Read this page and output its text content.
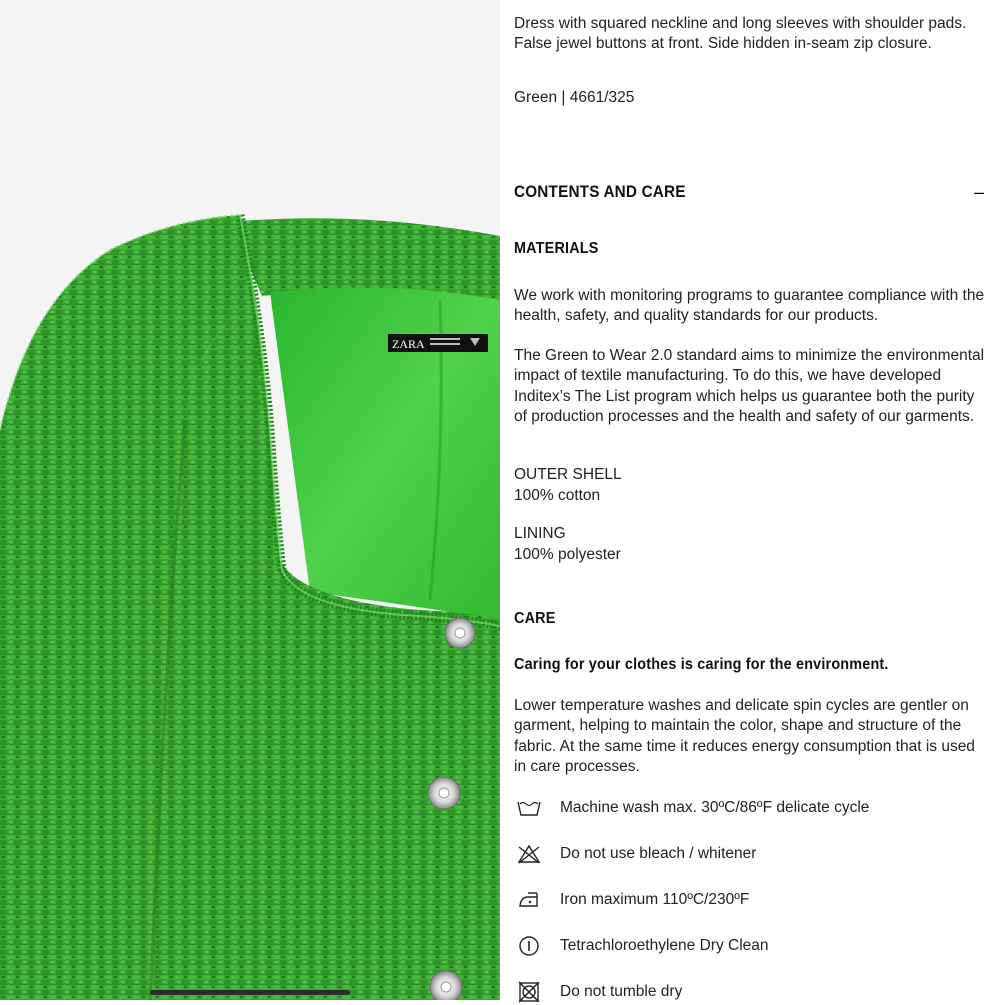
ZARA

Dress with squared neckline and long sleeves with shoulder pads. False jewel buttons at front. Side hidden in-seam zip closure.

Green | 4661/325

CONTENTS AND CARE	–
MATERIALS

We work with monitoring programs to guarantee compliance with the health, safety, and quality standards for our products.

The Green to Wear 2.0 standard aims to minimize the environmental impact of textile manufacturing. To do this, we have developed Inditex’s The List program which helps us guarantee both the purity of production processes and the health and safety of our garments.

OUTER SHELL

100% cotton

LINING

100% polyester

CARE
Caring for your clothes is caring for the environment.

Lower temperature washes and delicate spin cycles are gentler on garment, helping to maintain the color, shape and structure of the fabric. At the same time it reduces energy consumption that is used in care processes.

Machine wash max. 30ºC/86ºF delicate cycle
Do not use bleach / whitener
Iron maximum 110ºC/230ºF
Tetrachloroethylene Dry Clean
Do not tumble dry
